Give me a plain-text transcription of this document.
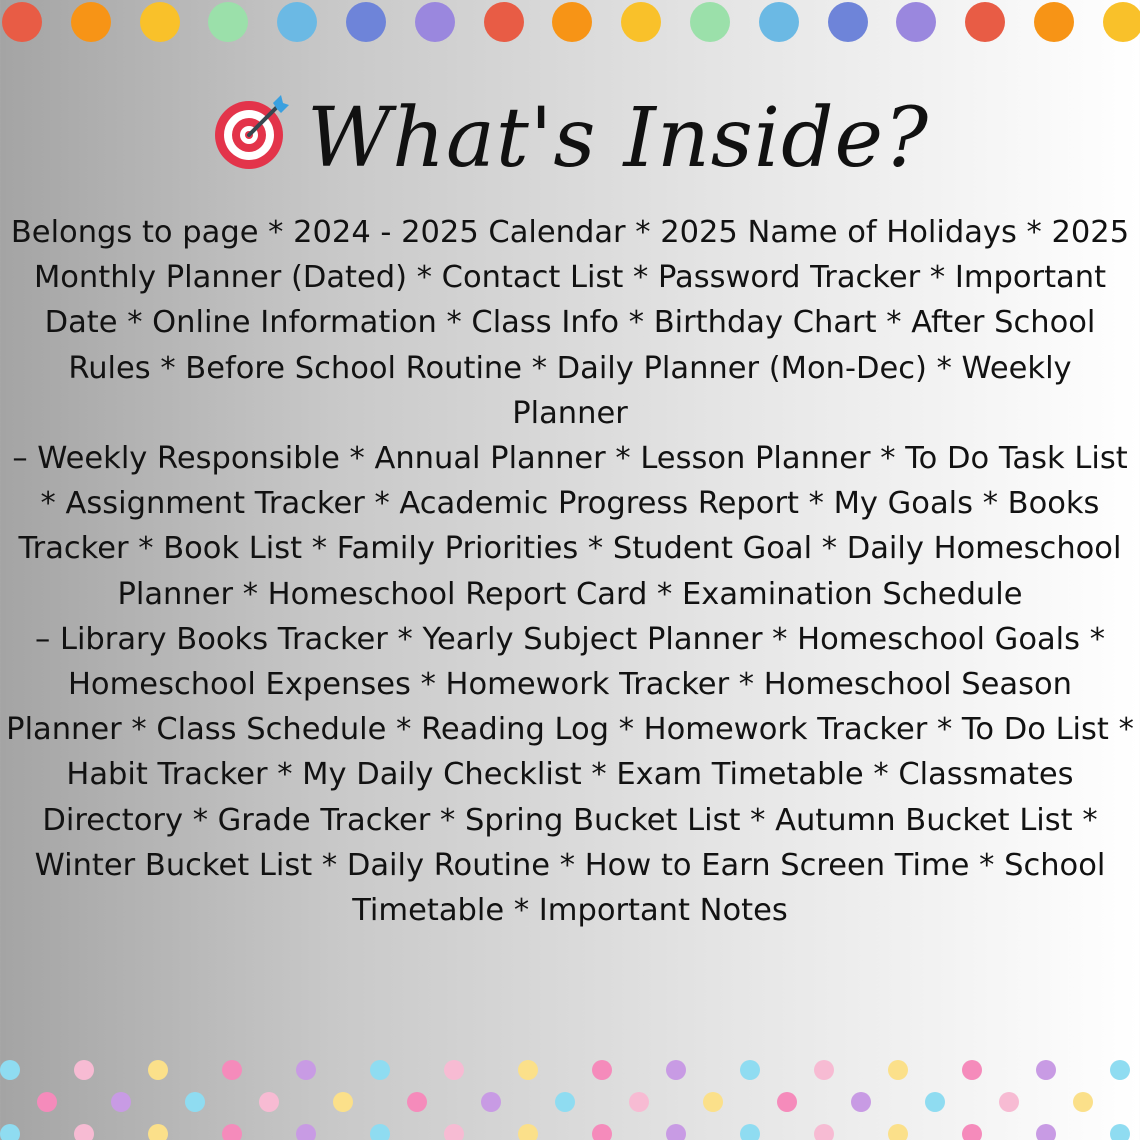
What's Inside?

Belongs to page * 2024 - 2025 Calendar * 2025 Name of Holidays * 2025 Monthly Planner (Dated) * Contact List * Password Tracker * Important Date * Online Information * Class Info * Birthday Chart * After School Rules * Before School Routine * Daily Planner (Mon-Dec) * Weekly Planner

– Weekly Responsible * Annual Planner * Lesson Planner * To Do Task List * Assignment Tracker * Academic Progress Report * My Goals * Books Tracker * Book List * Family Priorities * Student Goal * Daily Homeschool Planner * Homeschool Report Card * Examination Schedule

– Library Books Tracker * Yearly Subject Planner * Homeschool Goals * Homeschool Expenses * Homework Tracker * Homeschool Season Planner * Class Schedule * Reading Log * Homework Tracker * To Do List * Habit Tracker * My Daily Checklist * Exam Timetable * Classmates Directory * Grade Tracker * Spring Bucket List * Autumn Bucket List * Winter Bucket List * Daily Routine * How to Earn Screen Time * School Timetable * Important Notes
